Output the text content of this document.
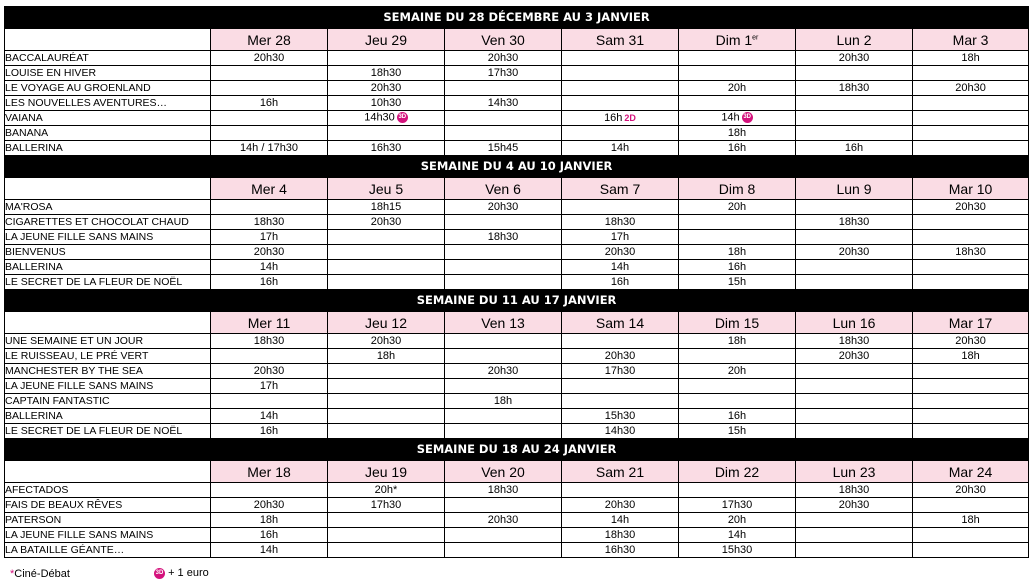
SEMAINE DU 28 DÉCEMBRE AU 3 JANVIER							
	Mer 28	Jeu 29	Ven 30	Sam 31	Dim 1er	Lun 2	Mar 3
BACCALAURÉAT	20h30		20h30			20h30	18h
LOUISE EN HIVER		18h30	17h30				
LE VOYAGE AU GROENLAND		20h30			20h	18h30	20h30
LES NOUVELLES AVENTURES…	16h	10h30	14h30				
VAIANA		14h30 3D		16h 2D	14h 3D		
BANANA					18h		
BALLERINA	14h / 17h30	16h30	15h45	14h	16h	16h	
SEMAINE DU 4 AU 10 JANVIER							
	Mer 4	Jeu 5	Ven 6	Sam 7	Dim 8	Lun 9	Mar 10
MA'ROSA		18h15	20h30		20h		20h30
CIGARETTES ET CHOCOLAT CHAUD	18h30	20h30		18h30		18h30	
LA JEUNE FILLE SANS MAINS	17h		18h30	17h			
BIENVENUS	20h30			20h30	18h	20h30	18h30
BALLERINA	14h			14h	16h		
LE SECRET DE LA FLEUR DE NOËL	16h			16h	15h		
SEMAINE DU 11 AU 17 JANVIER							
	Mer 11	Jeu 12	Ven 13	Sam 14	Dim 15	Lun 16	Mar 17
UNE SEMAINE ET UN JOUR	18h30	20h30			18h	18h30	20h30
LE RUISSEAU, LE PRÉ VERT		18h		20h30		20h30	18h
MANCHESTER BY THE SEA	20h30		20h30	17h30	20h		
LA JEUNE FILLE SANS MAINS	17h						
CAPTAIN FANTASTIC			18h				
BALLERINA	14h			15h30	16h		
LE SECRET DE LA FLEUR DE NOËL	16h			14h30	15h		
SEMAINE DU 18 AU 24 JANVIER							
	Mer 18	Jeu 19	Ven 20	Sam 21	Dim 22	Lun 23	Mar 24
AFECTADOS		20h*	18h30			18h30	20h30
FAIS DE BEAUX RÊVES	20h30	17h30		20h30	17h30	20h30	
PATERSON	18h		20h30	14h	20h		18h
LA JEUNE FILLE SANS MAINS	16h			18h30	14h		
LA BATAILLE GÉANTE…	14h			16h30	15h30		
*Ciné-Débat	3D + 1 euro
